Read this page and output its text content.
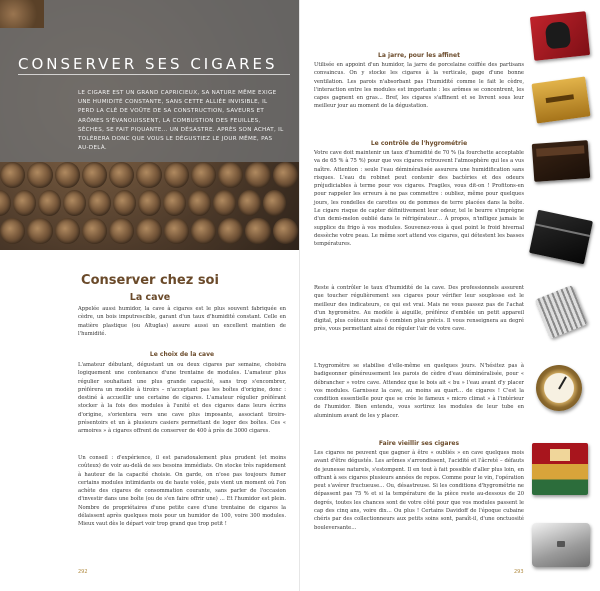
CONSERVER SES CIGARES

LE CIGARE EST UN GRAND CAPRICIEUX, SA NATURE MÊME EXIGE UNE HUMIDITÉ CONSTANTE, SANS CETTE ALLIÉE INVISIBLE, IL PERD LA CLÉ DE VOÛTE DE SA CONSTRUCTION, SAVEURS ET ARÔMES S'ÉVANOUISSENT, LA COMBUSTION DES FEUILLES, SÈCHES, SE FAIT PIQUANTE… UN DÉSASTRE. APRÈS SON ACHAT, IL TOLÉRERA DONC QUE VOUS LE DÉGUSTIEZ LE JOUR MÊME, PAS AU-DELÀ.

Conserver chez soi
La cave

Appelée aussi humidor, la cave à cigares est le plus souvent fabriquée en cèdre, un bois imputrescible, garant d'un taux d'humidité constant. Celle en matière plastique (ou Altuglas) assure aussi un excellent maintien de l'humidité.

Le choix de la cave

L'amateur débutant, dégustant un ou deux cigares par semaine, choisira logiquement une contenance d'une trentaine de modules. L'amateur plus régulier souhaitant une plus grande capacité, sans trop s'encombrer, préférera un modèle à tiroirs – n'acceptant pas les boîtes d'origine, donc : destiné à accueillir une certaine de cigares. L'amateur régulier préférant stocker à la fois des modules à l'unité et des cigares dans leurs écrins d'origine, s'orientera vers une cave plus imposante, associant tiroirs-présentoirs et un à plusieurs casiers permettant de loger des boîtes. Ces « armoires » à cigares offrent de conserver de 400 à près de 3000 cigares.

Un conseil : d'expérience, il est paradoxalement plus prudent (et moins coûteux) de voir au-delà de ses besoins immédiats. On stocke très rapidement à hauteur de la capacité choisie. On garde, on n'ose pas toujours fumer certains modules intimidants ou de haute volée, puis vient un moment où l'on achète des cigares de consommation courante, sans parler de l'occasion d'investir dans une boîte (ou de s'en faire offrir une) … Et l'humidor est plein. Nombre de propriétaires d'une petite cave d'une trentaine de cigares la délaissent après quelques mois pour un humidor de 100, voire 300 modules. Mieux vaut dès le départ voir trop grand que trop petit !

292
La jarre, pour les affinet

Utilisée en appoint d'un humidor, la jarre de porcelaine coiffée des partisans convaincus. On y stocke les cigares à la verticale, gage d'une bonne ventilation. Les parois n'absorbant pas l'humidité comme le fait le cèdre, l'interaction entre les modules est importante : les arômes se concentrent, les capes gagnent en gras… Bref, les cigares s'affinent et se livrent sous leur meilleur jour au moment de la dégustation.

Le contrôle de l'hygrométrie

Votre cave doit maintenir un taux d'humidité de 70 % (la fourchette acceptable va de 65 % à 75 %) pour que vos cigares retrouvent l'atmosphère qui les a vus naître. Attention : seule l'eau déminéralisée assurera une humidification sans risques. L'eau du robinet peut contenir des bactéries et des odeurs préjudiciables à terme pour vos cigares. Fragiles, vous dit-on ! Profitons-en pour rappeler les erreurs à ne pas commettre : oubliez, même pour quelques jours, les rondelles de carottes ou de pommes de terre placées dans la boîte. Le cigare risque de capter définitivement leur odeur, tel le beurre s'imprègne d'un demi-melon oublié dans le réfrigérateur… À propos, n'infligez jamais le supplice du frigo à vos modules. Souvenez-vous à quel point le froid hivernal dessèche votre peau. Le même sort attend vos cigares, qui détestent les basses températures.

Reste à contrôler le taux d'humidité de la cave. Des professionnels assurent que toucher régulièrement ses cigares pour vérifier leur souplesse est le meilleur des indicateurs, ce qui est vrai. Mais ne vous passez pas de l'achat d'un hygromètre. Au modèle à aiguille, préférez d'emblée un petit appareil digital, plus coûteux mais ô combien plus précis. Il vous renseignera au degré près, vous permettant ainsi de réguler l'air de votre cave.

L'hygromètre se stabilise d'elle-même en quelques jours. N'hésitez pas à badigeonner généreusement les parois de cèdre d'eau déminéralisée, pour « débrancher » votre cave. Attendez que le bois ait « bu » l'eau avant d'y placer vos modules. Garnissez la cave, au moins au quart… de cigares ! C'est la condition essentielle pour que se crée le fameux « micro climat » à l'intérieur de l'humidor. Bien entendu, vous sortirez les modules de leur tube en aluminium avant de les y placer.

Faire vieillir ses cigares

Les cigares ne peuvent que gagner à être « oubliés » en cave quelques mois avant d'être dégustés. Les arômes s'arrondissent, l'acidité et l'âcreté – défauts de jeunesse naturels, s'estompent. Il en tout à fait possible d'aller plus loin, en offrant à ses cigares plusieurs années de repos. Comme pour le vin, l'opération peut s'avérer fructueuse… Ou, désastreuse. Si les conditions d'hygrométrie ne dépassent pas 75 % et si la température de la pièce reste au-dessous de 20 degrés, toutes les chances sont de votre côté pour que vos modules passent le cap des cinq ans, voire dix… Ou plus ! Certains Davidoff de l'époque cubaine chéris par des collectionneurs aux petits soins sont, paraît-il, d'une onctuosité bouleversante…

293
